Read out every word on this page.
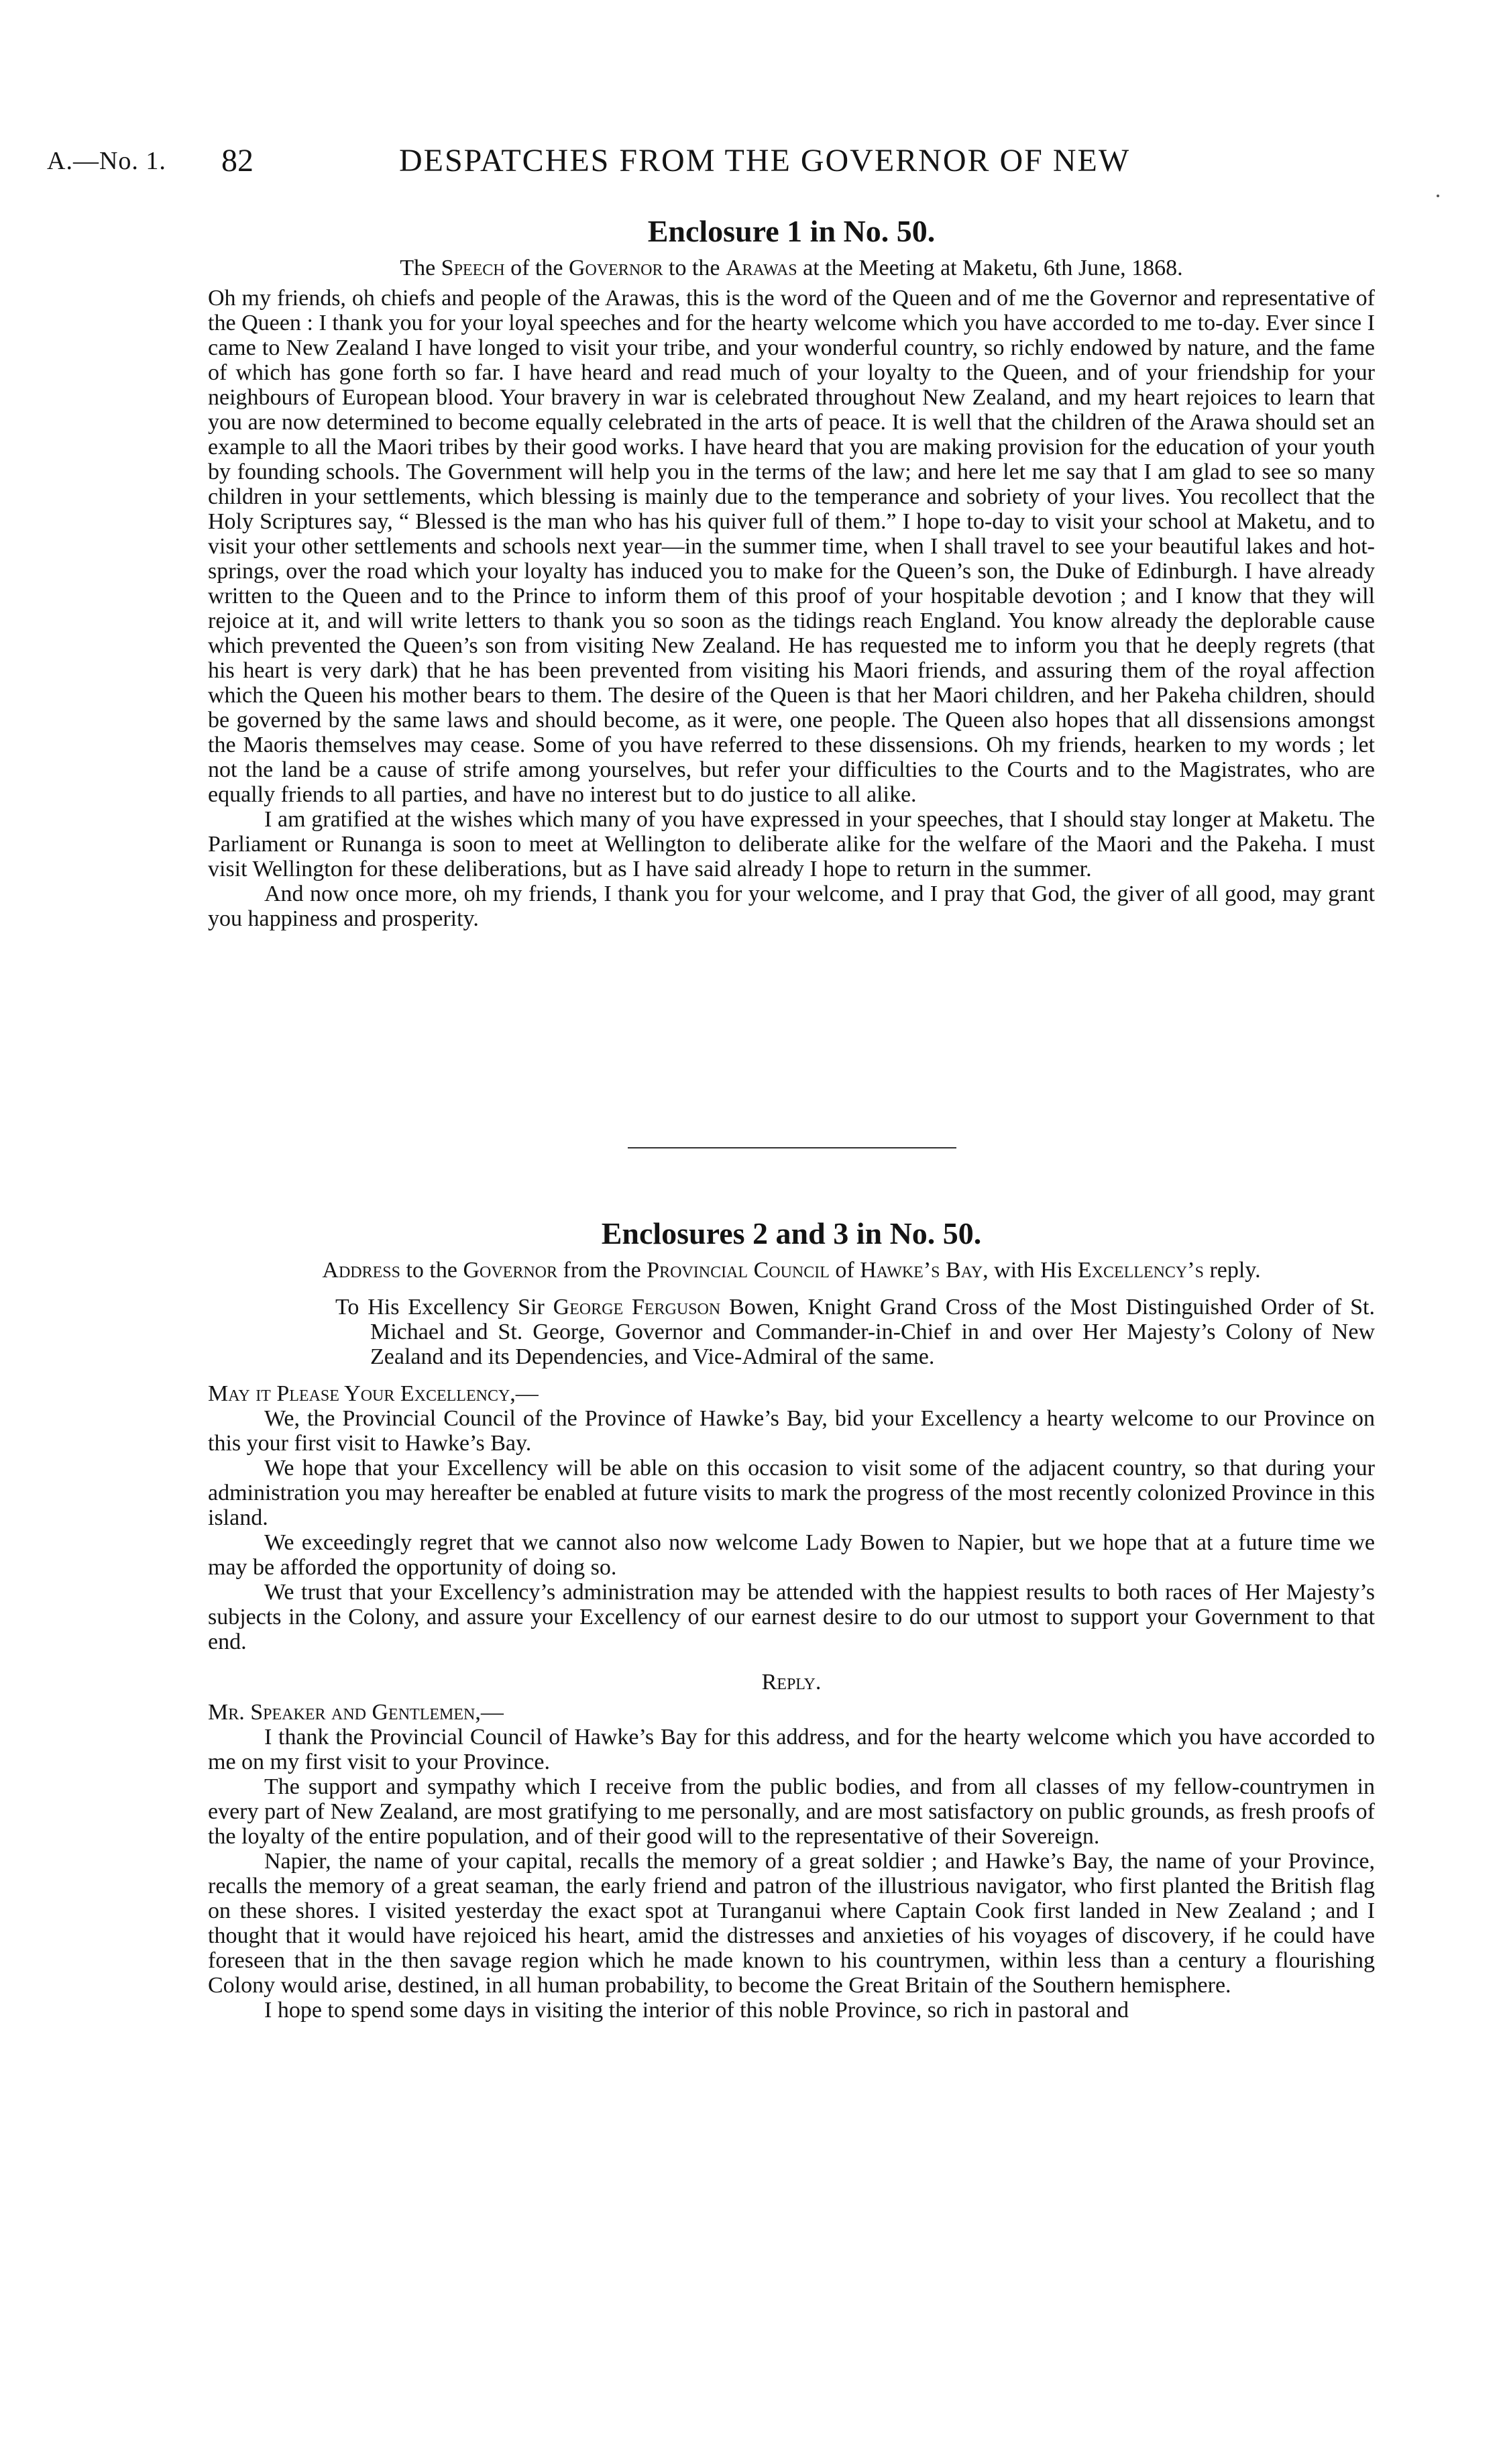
A.—No. 1. 82	DESPATCHES FROM THE GOVERNOR OF NEW
Enclosure 1 in No. 50.
The Speech of the Governor to the Arawas at the Meeting at Maketu, 6th June, 1868.

Oh my friends, oh chiefs and people of the Arawas, this is the word of the Queen and of me the Governor and representative of the Queen : I thank you for your loyal speeches and for the hearty welcome which you have accorded to me to-day. Ever since I came to New Zealand I have longed to visit your tribe, and your wonderful country, so richly endowed by nature, and the fame of which has gone forth so far. I have heard and read much of your loyalty to the Queen, and of your friendship for your neighbours of European blood. Your bravery in war is celebrated throughout New Zealand, and my heart rejoices to learn that you are now determined to become equally celebrated in the arts of peace. It is well that the children of the Arawa should set an example to all the Maori tribes by their good works. I have heard that you are making provision for the education of your youth by founding schools. The Government will help you in the terms of the law; and here let me say that I am glad to see so many children in your settlements, which blessing is mainly due to the temperance and sobriety of your lives. You recollect that the Holy Scriptures say, “ Blessed is the man who has his quiver full of them.” I hope to-day to visit your school at Maketu, and to visit your other settlements and schools next year—in the summer time, when I shall travel to see your beautiful lakes and hot-springs, over the road which your loyalty has induced you to make for the Queen’s son, the Duke of Edinburgh. I have already written to the Queen and to the Prince to inform them of this proof of your hospitable devotion ; and I know that they will rejoice at it, and will write letters to thank you so soon as the tidings reach England. You know already the deplorable cause which prevented the Queen’s son from visiting New Zealand. He has requested me to inform you that he deeply regrets (that his heart is very dark) that he has been prevented from visiting his Maori friends, and assuring them of the royal affection which the Queen his mother bears to them. The desire of the Queen is that her Maori children, and her Pakeha children, should be governed by the same laws and should become, as it were, one people. The Queen also hopes that all dissensions amongst the Maoris themselves may cease. Some of you have referred to these dissensions. Oh my friends, hearken to my words ; let not the land be a cause of strife among yourselves, but refer your difficulties to the Courts and to the Magistrates, who are equally friends to all parties, and have no interest but to do justice to all alike.

I am gratified at the wishes which many of you have expressed in your speeches, that I should stay longer at Maketu. The Parliament or Runanga is soon to meet at Wellington to deliberate alike for the welfare of the Maori and the Pakeha. I must visit Wellington for these deliberations, but as I have said already I hope to return in the summer.

And now once more, oh my friends, I thank you for your welcome, and I pray that God, the giver of all good, may grant you happiness and prosperity.

Enclosures 2 and 3 in No. 50.
Address to the Governor from the Provincial Council of Hawke’s Bay, with His Excellency’s reply.
To His Excellency Sir George Ferguson Bowen, Knight Grand Cross of the Most Distinguished Order of St. Michael and St. George, Governor and Commander-in-Chief in and over Her Majesty’s Colony of New Zealand and its Dependencies, and Vice-Admiral of the same.
May it Please Your Excellency,—

We, the Provincial Council of the Province of Hawke’s Bay, bid your Excellency a hearty welcome to our Province on this your first visit to Hawke’s Bay.

We hope that your Excellency will be able on this occasion to visit some of the adjacent country, so that during your administration you may hereafter be enabled at future visits to mark the progress of the most recently colonized Province in this island.

We exceedingly regret that we cannot also now welcome Lady Bowen to Napier, but we hope that at a future time we may be afforded the opportunity of doing so.

We trust that your Excellency’s administration may be attended with the happiest results to both races of Her Majesty’s subjects in the Colony, and assure your Excellency of our earnest desire to do our utmost to support your Government to that end.

Reply.
Mr. Speaker and Gentlemen,—

I thank the Provincial Council of Hawke’s Bay for this address, and for the hearty welcome which you have accorded to me on my first visit to your Province.

The support and sympathy which I receive from the public bodies, and from all classes of my fellow-countrymen in every part of New Zealand, are most gratifying to me personally, and are most satisfactory on public grounds, as fresh proofs of the loyalty of the entire population, and of their good will to the representative of their Sovereign.

Napier, the name of your capital, recalls the memory of a great soldier ; and Hawke’s Bay, the name of your Province, recalls the memory of a great seaman, the early friend and patron of the illustrious navigator, who first planted the British flag on these shores. I visited yesterday the exact spot at Turanganui where Captain Cook first landed in New Zealand ; and I thought that it would have rejoiced his heart, amid the distresses and anxieties of his voyages of discovery, if he could have foreseen that in the then savage region which he made known to his countrymen, within less than a century a flourishing Colony would arise, destined, in all human probability, to become the Great Britain of the Southern hemisphere.

I hope to spend some days in visiting the interior of this noble Province, so rich in pastoral and
